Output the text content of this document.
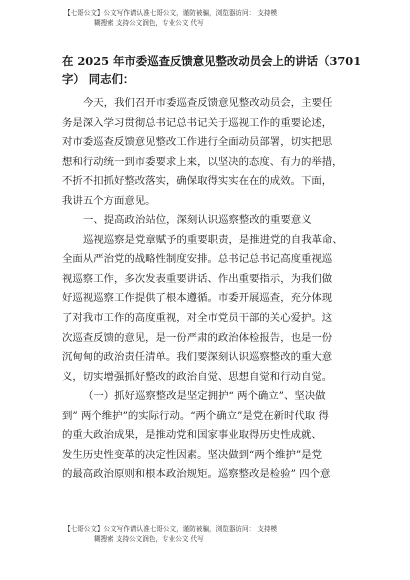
【七哥公文】公文写作请认准七哥公文，谨防被骗，浏览器访问： 支持模
糊搜索 支持公文润色，专业公文 代写
在 2025 年市委巡查反馈意见整改动员会上的讲话（3701
字） 同志们：
今天，我们召开市委巡查反馈意见整改动员会，主要任
务是深入学习贯彻总书记总书记关于巡视工作的重要论述，
对市委巡查反馈意见整改工作进行全面动员部署，切实把思
想和行动统一到市委要求上来，以坚决的态度、有力的举措，
不折不扣抓好整改落实，确保取得实实在在的成效。下面，
我讲五个方面意见。
一、提高政治站位，深刻认识巡察整改的重要意义
巡视巡察是党章赋予的重要职责，是推进党的自我革命、
全面从严治党的战略性制度安排。总书记总书记高度重视巡
视巡察工作，多次发表重要讲话、作出重要指示，为我们做
好巡视巡察工作提供了根本遵循。市委开展巡查，充分体现
了对我市工作的高度重视，对全市党员干部的关心爱护。这
次巡查反馈的意见，是一份严肃的政治体检报告，也是一份
沉甸甸的政治责任清单。我们要深刻认识巡察整改的重大意
义，切实增强抓好整改的政治自觉、思想自觉和行动自觉。
（一）抓好巡察整改是坚定拥护“ 两个确立”、坚决做
到” 两个维护”的实际行动。“两个确立”是党在新时代取 得
的重大政治成果，是推动党和国家事业取得历史性成就、
发生历史性变革的决定性因素。坚决做到“两个维护”是党
的最高政治原则和根本政治规矩。巡察整改是检验” 四个意
【七哥公文】公文写作请认准七哥公文，谨防被骗，浏览器访问： 支持模
糊搜索 支持公文润色，专业公文 代写
